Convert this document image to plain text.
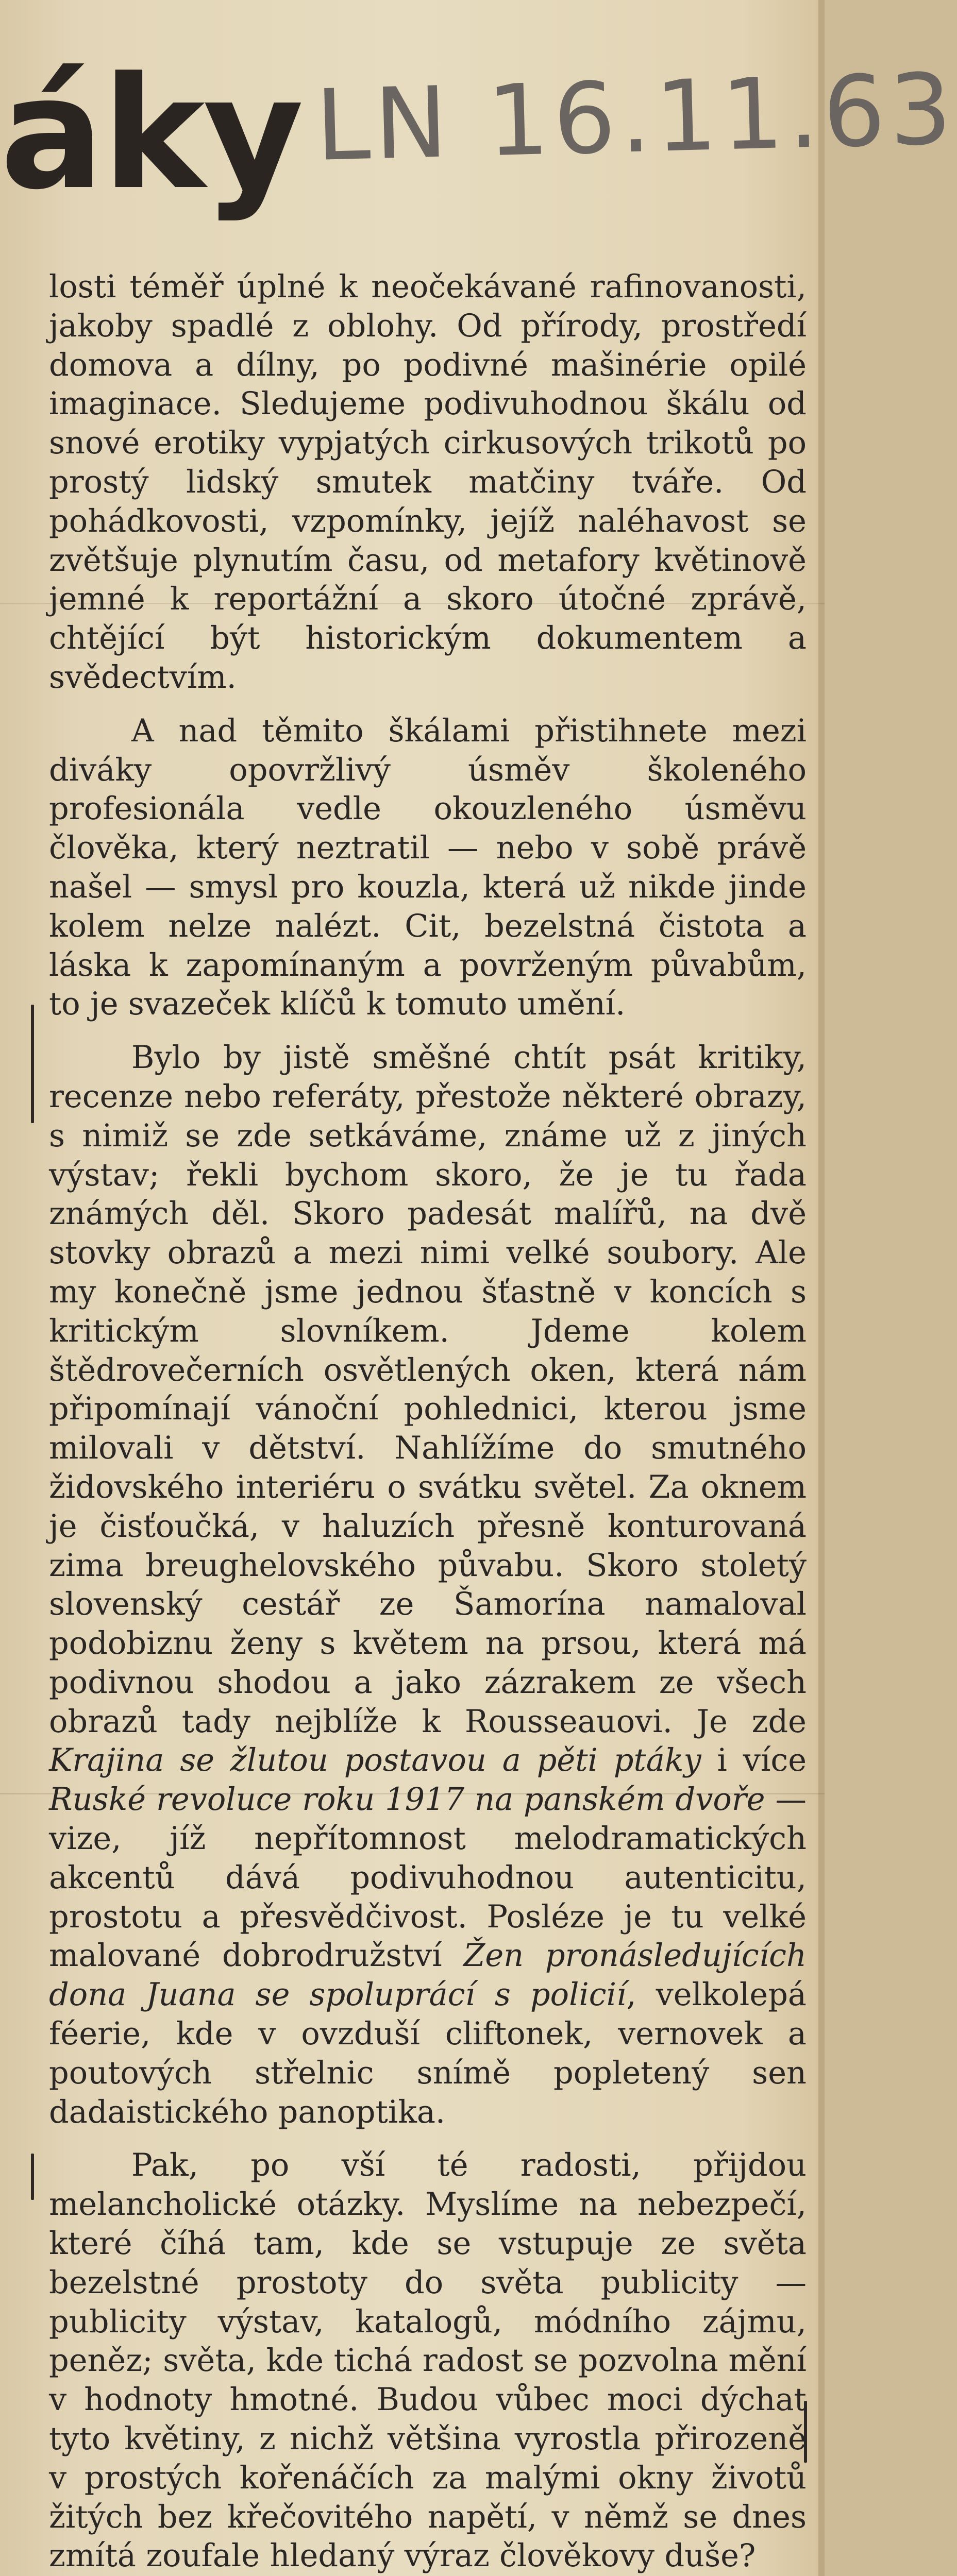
áky LN 16.11.63

losti téměř úplné k neočekávané rafinovanosti, jakoby spadlé z oblohy. Od přírody, prostředí domova a dílny, po podivné mašinérie opilé imaginace. Sledujeme podivuhodnou škálu od snové erotiky vypjatých cirkusových trikotů po prostý lidský smutek matčiny tváře. Od pohádkovosti, vzpomínky, jejíž naléhavost se zvětšuje plynutím času, od metafory květinově jemné k reportážní a skoro útočné zprávě, chtějící být historickým dokumentem a svědectvím.

A nad těmito škálami přistihnete mezi diváky opovržlivý úsměv školeného profesionála vedle okouzleného úsměvu člověka, který neztratil — nebo v sobě právě našel — smysl pro kouzla, která už nikde jinde kolem nelze nalézt. Cit, bezelstná čistota a láska k zapomínaným a povrženým půvabům, to je svazeček klíčů k tomuto umění.

Bylo by jistě směšné chtít psát kritiky, recenze nebo referáty, přestože některé obrazy, s nimiž se zde setkáváme, známe už z jiných výstav; řekli bychom skoro, že je tu řada známých děl. Skoro padesát malířů, na dvě stovky obrazů a mezi nimi velké soubory. Ale my konečně jsme jednou šťastně v koncích s kritickým slovníkem. Jdeme kolem štědrovečerních osvětlených oken, která nám připomínají vánoční pohlednici, kterou jsme milovali v dětství. Nahlížíme do smutného židovského interiéru o svátku světel. Za oknem je čisťoučká, v haluzích přesně konturovaná zima breughelovského půvabu. Skoro stoletý slovenský cestář ze Šamorína namaloval podobiznu ženy s květem na prsou, která má podivnou shodou a jako zázrakem ze všech obrazů tady nejblíže k Rousseauovi. Je zde Krajina se žlutou postavou a pěti ptáky i více Ruské revoluce roku 1917 na panském dvoře — vize, jíž nepřítomnost melodramatických akcentů dává podivuhodnou autenticitu, prostotu a přesvědčivost. Posléze je tu velké malované dobrodružství Žen pronásledujících dona Juana se spoluprácí s policií, velkolepá féerie, kde v ovzduší cliftonek, vernovek a poutových střelnic snímě popletený sen dadaistického panoptika.

Pak, po vší té radosti, přijdou melancholické otázky. Myslíme na nebezpečí, které číhá tam, kde se vstupuje ze světa bezelstné prostoty do světa publicity — publicity výstav, katalogů, módního zájmu, peněz; světa, kde tichá radost se pozvolna mění v hodnoty hmotné. Budou vůbec moci dýchat tyto květiny, z nichž většina vyrostla přirozeně v prostých kořenáčích za malými okny životů žitých bez křečovitého napětí, v němž se dnes zmítá zoufale hledaný výraz člověkovy duše?
